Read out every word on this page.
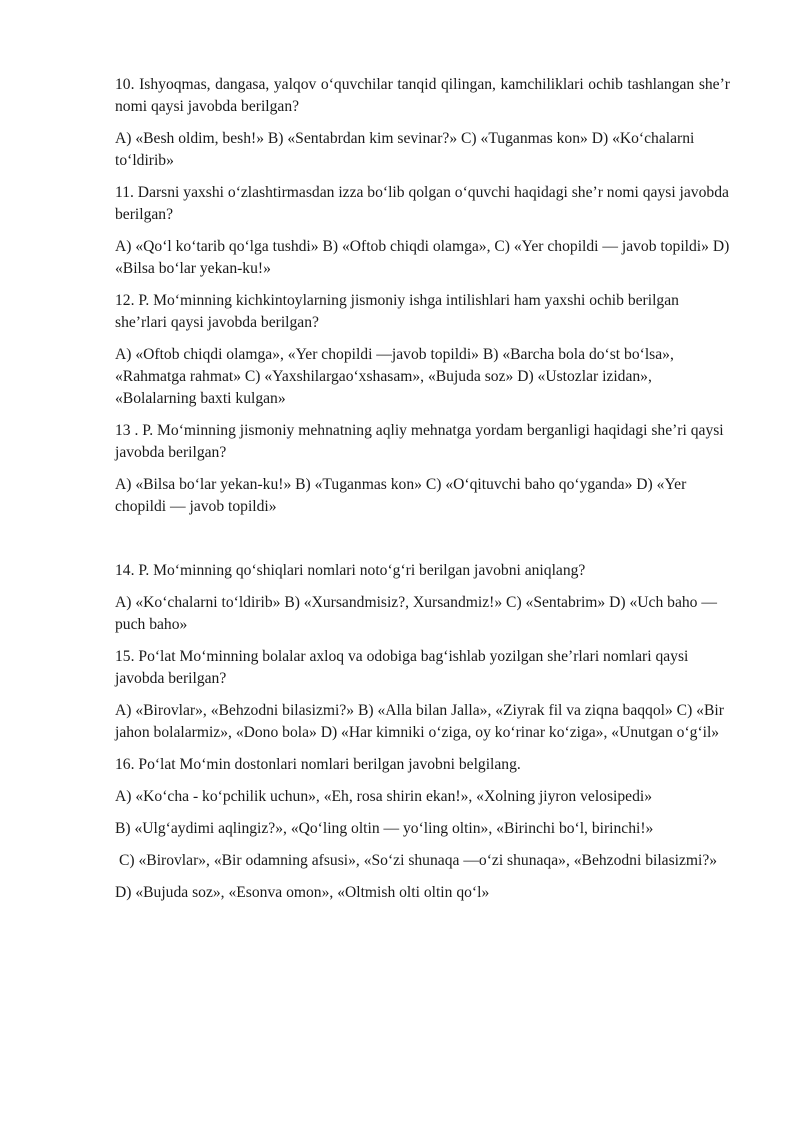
10. Ishyoqmas, dangasa, yalqov o‘quvchilar tanqid qilingan, kamchiliklari ochib tashlangan she’r nomi qaysi javobda berilgan?
A) «Besh oldim, besh!» B) «Sentabrdan kim sevinar?» C) «Tuganmas kon» D) «Ko‘chalarni to‘ldirib»
11. Darsni yaxshi o‘zlashtirmasdan izza bo‘lib qolgan o‘quvchi haqidagi she’r nomi qaysi javobda berilgan?
A) «Qo‘l ko‘tarib qo‘lga tushdi» B) «Oftob chiqdi olamga», C) «Yer chopildi — javob topildi» D) «Bilsa bo‘lar yekan-ku!»
12. P. Mo‘minning kichkintoylarning jismoniy ishga intilishlari ham yaxshi ochib berilgan she’rlari qaysi javobda berilgan?
A) «Oftob chiqdi olamga», «Yer chopildi —javob topildi» B) «Barcha bola do‘st bo‘lsa», «Rahmatga rahmat» C) «Yaxshilargao‘xshasam», «Bujuda soz» D) «Ustozlar izidan», «Bolalarning baxti kulgan»
13 . P. Mo‘minning jismoniy mehnatning aqliy mehnatga yordam berganligi haqidagi she’ri qaysi javobda berilgan?
A) «Bilsa bo‘lar yekan-ku!» B) «Tuganmas kon» C) «O‘qituvchi baho qo‘yganda» D) «Yer chopildi — javob topildi»
14. P. Mo‘minning qo‘shiqlari nomlari noto‘g‘ri berilgan javobni aniqlang?
A) «Ko‘chalarni to‘ldirib» B) «Xursandmisiz?, Xursandmiz!» C) «Sentabrim» D) «Uch baho — puch baho»
15. Po‘lat Mo‘minning bolalar axloq va odobiga bag‘ishlab yozilgan she’rlari nomlari qaysi javobda berilgan?
A) «Birovlar», «Behzodni bilasizmi?» B) «Alla bilan Jalla», «Ziyrak fil va ziqna baqqol» C) «Bir jahon bolalarmiz», «Dono bola» D) «Har kimniki o‘ziga, oy ko‘rinar ko‘ziga», «Unutgan o‘g‘il»
16. Po‘lat Mo‘min dostonlari nomlari berilgan javobni belgilang.
A) «Ko‘cha - ko‘pchilik uchun», «Eh, rosa shirin ekan!», «Xolning jiyron velosipedi»
B) «Ulg‘aydimi aqlingiz?», «Qo‘ling oltin — yo‘ling oltin», «Birinchi bo‘l, birinchi!»
C) «Birovlar», «Bir odamning afsusi», «So‘zi shunaqa —o‘zi shunaqa», «Behzodni bilasizmi?»
D) «Bujuda soz», «Esonva omon», «Oltmish olti oltin qo‘l»
